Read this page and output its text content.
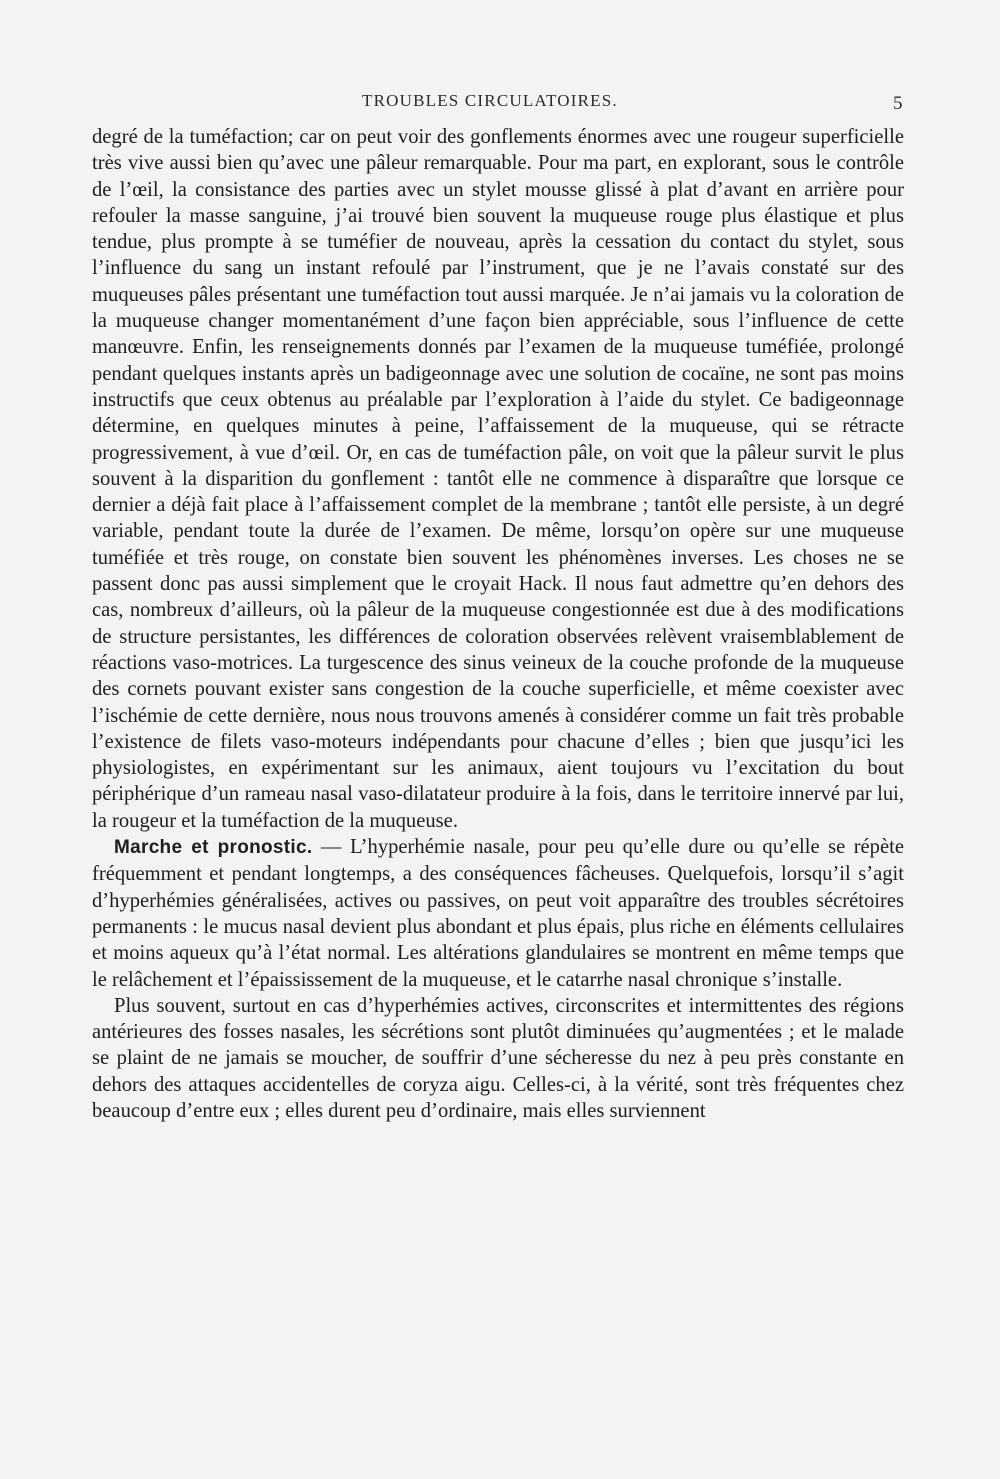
TROUBLES CIRCULATOIRES.	5

degré de la tuméfaction; car on peut voir des gonflements énormes avec une rougeur superficielle très vive aussi bien qu’avec une pâleur remarquable. Pour ma part, en explorant, sous le contrôle de l’œil, la consistance des parties avec un stylet mousse glissé à plat d’avant en arrière pour refouler la masse sanguine, j’ai trouvé bien souvent la muqueuse rouge plus élastique et plus tendue, plus prompte à se tuméfier de nouveau, après la cessation du contact du stylet, sous l’influence du sang un instant refoulé par l’instrument, que je ne l’avais constaté sur des muqueuses pâles présentant une tuméfaction tout aussi marquée. Je n’ai jamais vu la coloration de la muqueuse changer momentanément d’une façon bien appréciable, sous l’influence de cette manœuvre. Enfin, les renseignements donnés par l’examen de la muqueuse tuméfiée, prolongé pendant quelques instants après un badigeonnage avec une solution de cocaïne, ne sont pas moins instructifs que ceux obtenus au préalable par l’exploration à l’aide du stylet. Ce badigeonnage détermine, en quelques minutes à peine, l’affaissement de la muqueuse, qui se rétracte progressivement, à vue d’œil. Or, en cas de tuméfaction pâle, on voit que la pâleur survit le plus souvent à la disparition du gonflement : tantôt elle ne commence à disparaître que lorsque ce dernier a déjà fait place à l’affaissement complet de la membrane ; tantôt elle persiste, à un degré variable, pendant toute la durée de l’examen. De même, lorsqu’on opère sur une muqueuse tuméfiée et très rouge, on constate bien souvent les phénomènes inverses. Les choses ne se passent donc pas aussi simplement que le croyait Hack. Il nous faut admettre qu’en dehors des cas, nombreux d’ailleurs, où la pâleur de la muqueuse congestionnée est due à des modifications de structure persistantes, les différences de coloration observées relèvent vraisemblablement de réactions vaso-motrices. La turgescence des sinus veineux de la couche profonde de la muqueuse des cornets pouvant exister sans congestion de la couche superficielle, et même coexister avec l’ischémie de cette dernière, nous nous trouvons amenés à considérer comme un fait très probable l’existence de filets vaso-moteurs indépendants pour chacune d’elles ; bien que jusqu’ici les physiologistes, en expérimentant sur les animaux, aient toujours vu l’excitation du bout périphérique d’un rameau nasal vaso-dilatateur produire à la fois, dans le territoire innervé par lui, la rougeur et la tuméfaction de la muqueuse.

Marche et pronostic. — L’hyperhémie nasale, pour peu qu’elle dure ou qu’elle se répète fréquemment et pendant longtemps, a des conséquences fâcheuses. Quelquefois, lorsqu’il s’agit d’hyperhémies généralisées, actives ou passives, on peut voit apparaître des troubles sécrétoires permanents : le mucus nasal devient plus abondant et plus épais, plus riche en éléments cellulaires et moins aqueux qu’à l’état normal. Les altérations glandulaires se montrent en même temps que le relâchement et l’épaississement de la muqueuse, et le catarrhe nasal chronique s’installe.

Plus souvent, surtout en cas d’hyperhémies actives, circonscrites et intermittentes des régions antérieures des fosses nasales, les sécrétions sont plutôt diminuées qu’augmentées ; et le malade se plaint de ne jamais se moucher, de souffrir d’une sécheresse du nez à peu près constante en dehors des attaques accidentelles de coryza aigu. Celles-ci, à la vérité, sont très fréquentes chez beaucoup d’entre eux ; elles durent peu d’ordinaire, mais elles surviennent
